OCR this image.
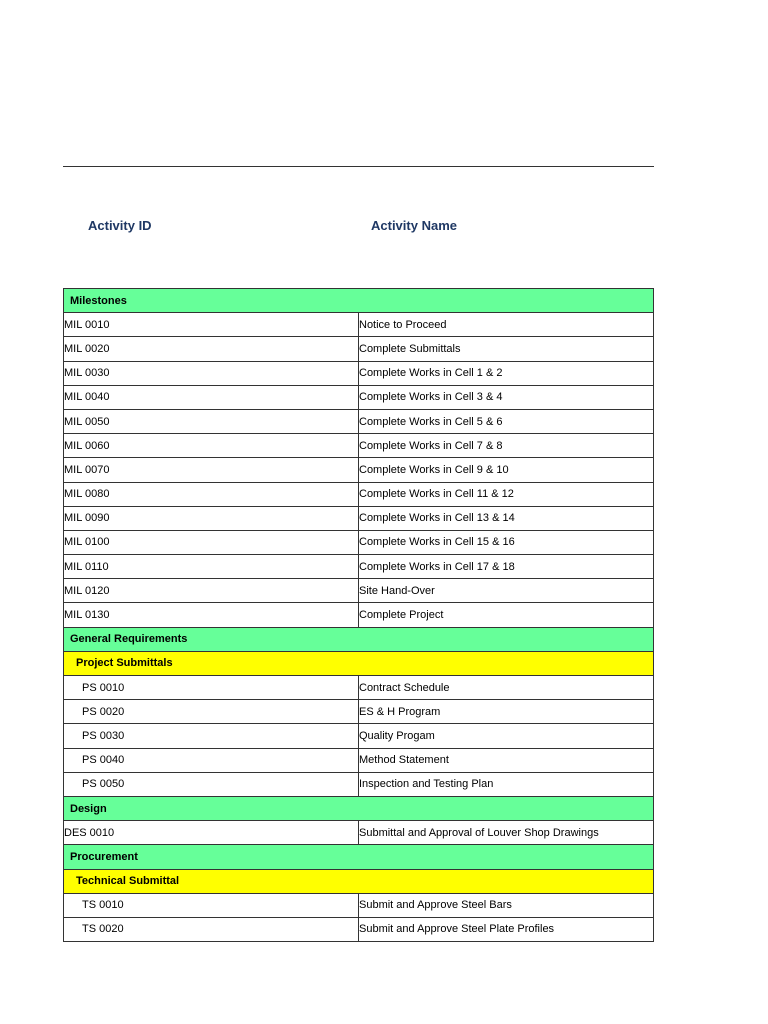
Activity ID	Activity Name
Milestones	
MIL 0010	Notice to Proceed
MIL 0020	Complete Submittals
MIL 0030	Complete Works in Cell 1 & 2
MIL 0040	Complete Works in Cell 3 & 4
MIL 0050	Complete Works in Cell 5 & 6
MIL 0060	Complete Works in Cell 7 & 8
MIL 0070	Complete Works in Cell 9 & 10
MIL 0080	Complete Works in Cell 11 & 12
MIL 0090	Complete Works in Cell 13 & 14
MIL 0100	Complete Works in Cell 15 & 16
MIL 0110	Complete Works in Cell 17 & 18
MIL 0120	Site Hand-Over
MIL 0130	Complete Project
General Requirements	
Project Submittals	
PS 0010	Contract Schedule
PS 0020	ES & H Program
PS 0030	Quality Progam
PS 0040	Method Statement
PS 0050	Inspection and Testing Plan
Design	
DES 0010	Submittal and Approval of Louver Shop Drawings
Procurement	
Technical Submittal	
TS 0010	Submit and Approve Steel Bars
TS 0020	Submit and Approve Steel Plate Profiles
